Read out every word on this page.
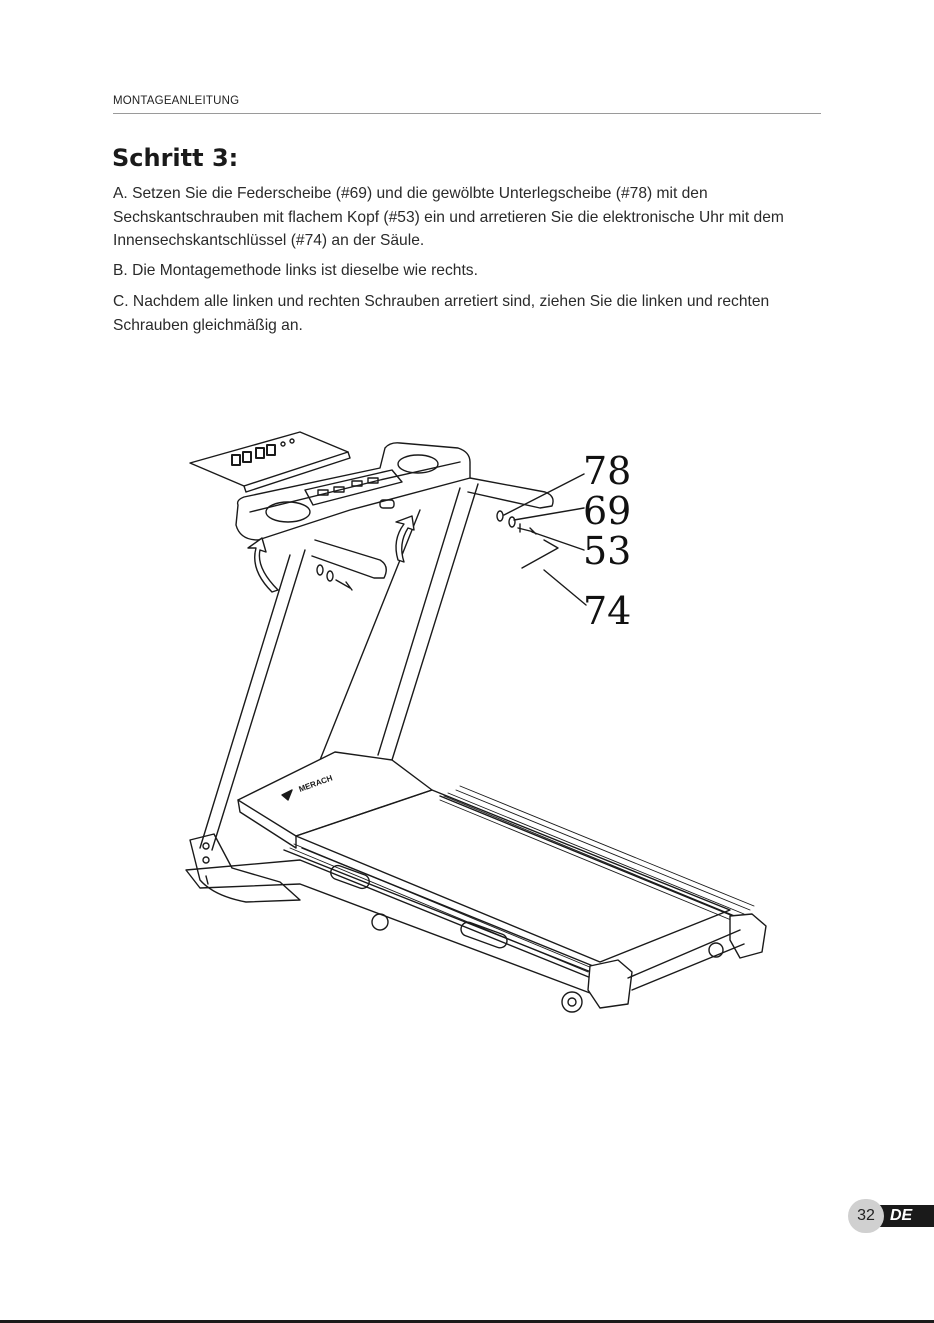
MONTAGEANLEITUNG
Schritt 3:
A. Setzen Sie die Federscheibe (#69) und die gewölbte Unterlegscheibe (#78) mit den Sechskantschrauben mit flachem Kopf (#53) ein und arretieren Sie die elektronische Uhr mit dem Innensechskantschlüssel (#74) an der Säule.
B. Die Montagemethode links ist dieselbe wie rechts.
C. Nachdem alle linken und rechten Schrauben arretiert sind, ziehen Sie die linken und rechten Schrauben gleichmäßig an.
MERACH
78
69
53
74
32 DE
